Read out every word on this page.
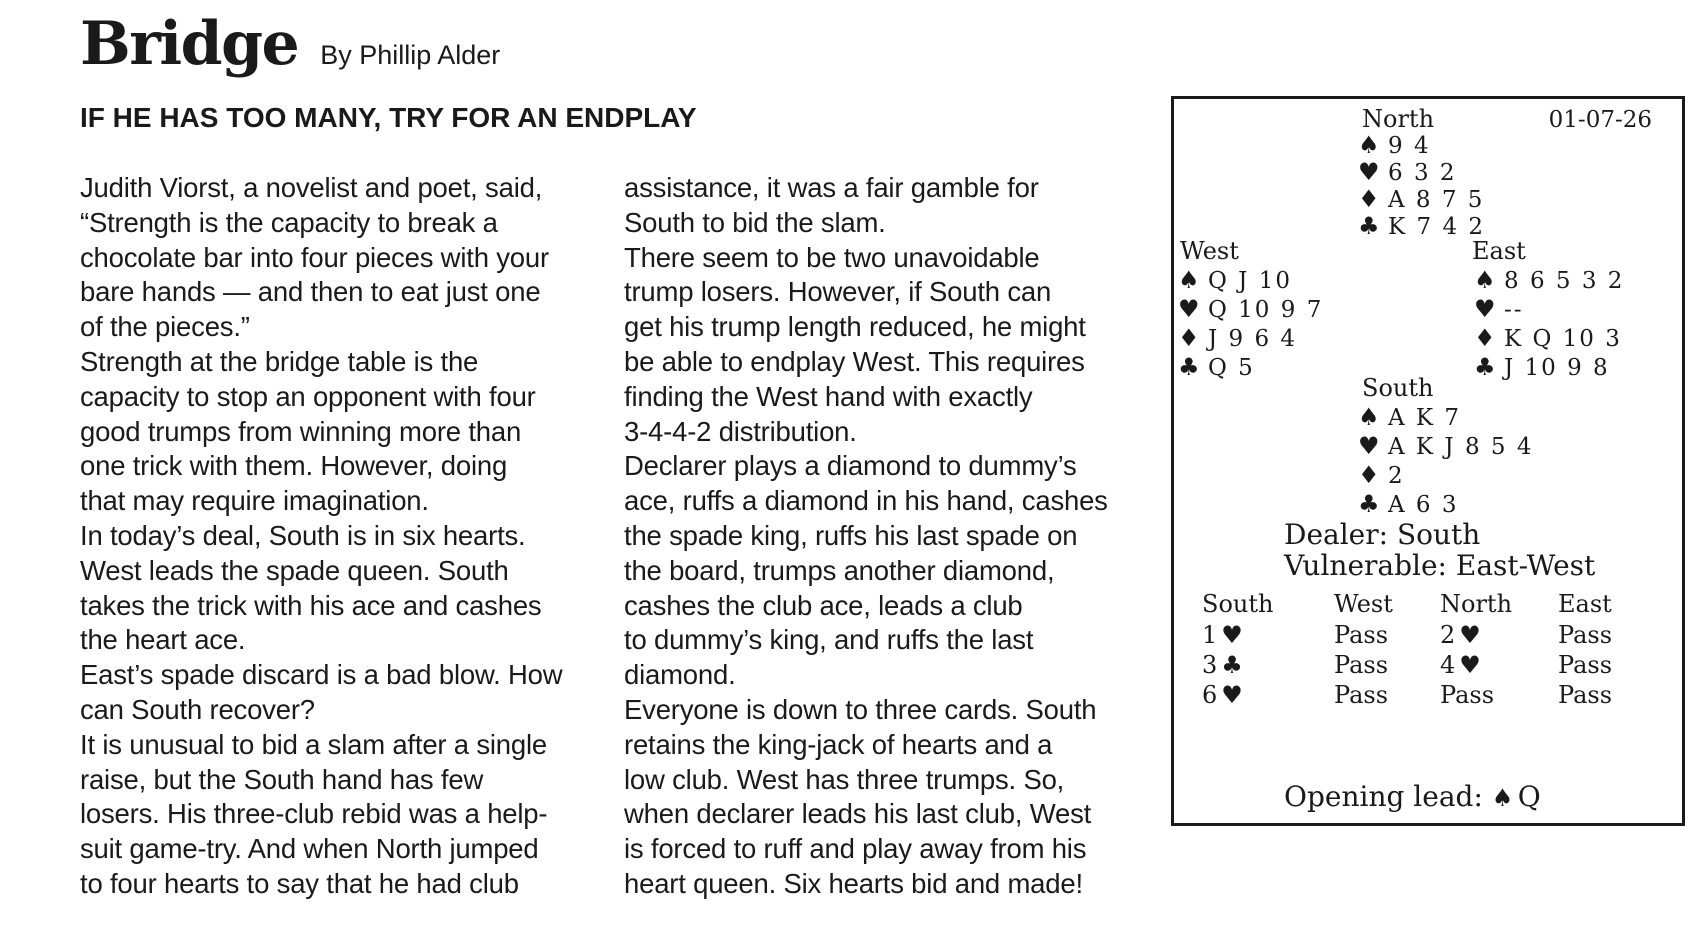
Bridge By Phillip Alder
IF HE HAS TOO MANY, TRY FOR AN ENDPLAY
Judith Viorst, a novelist and poet, said,
“Strength is the capacity to break a
chocolate bar into four pieces with your
bare hands — and then to eat just one
of the pieces.”
Strength at the bridge table is the
capacity to stop an opponent with four
good trumps from winning more than
one trick with them. However, doing
that may require imagination.
In today’s deal, South is in six hearts.
West leads the spade queen. South
takes the trick with his ace and cashes
the heart ace.
East’s spade discard is a bad blow. How
can South recover?
It is unusual to bid a slam after a single
raise, but the South hand has few
losers. His three-club rebid was a help-
suit game-try. And when North jumped
to four hearts to say that he had club
assistance, it was a fair gamble for
South to bid the slam.
There seem to be two unavoidable
trump losers. However, if South can
get his trump length reduced, he might
be able to endplay West. This requires
finding the West hand with exactly
3-4-4-2 distribution.
Declarer plays a diamond to dummy’s
ace, ruffs a diamond in his hand, cashes
the spade king, ruffs his last spade on
the board, trumps another diamond,
cashes the club ace, leads a club
to dummy’s king, and ruffs the last
diamond.
Everyone is down to three cards. South
retains the king-jack of hearts and a
low club. West has three trumps. So,
when declarer leads his last club, West
is forced to ruff and play away from his
heart queen. Six hearts bid and made!
North	01-07-26
♠ 9 4
♥ 6 3 2
♦ A 8 7 5
♣ K 7 4 2
West
♠ Q J 10
♥ Q 10 9 7
♦ J 9 6 4
♣ Q 5
East
♠ 8 6 5 3 2
♥ --
♦ K Q 10 3
♣ J 10 9 8
South
♠ A K 7
♥ A K J 8 5 4
♦ 2
♣ A 6 3
Dealer: South
Vulnerable: East-West
South	West North East
1 ♥	Pass 2 ♥	Pass
3 ♣	Pass 4 ♥	Pass
6 ♥	Pass Pass	Pass
Opening lead: ♠ Q
